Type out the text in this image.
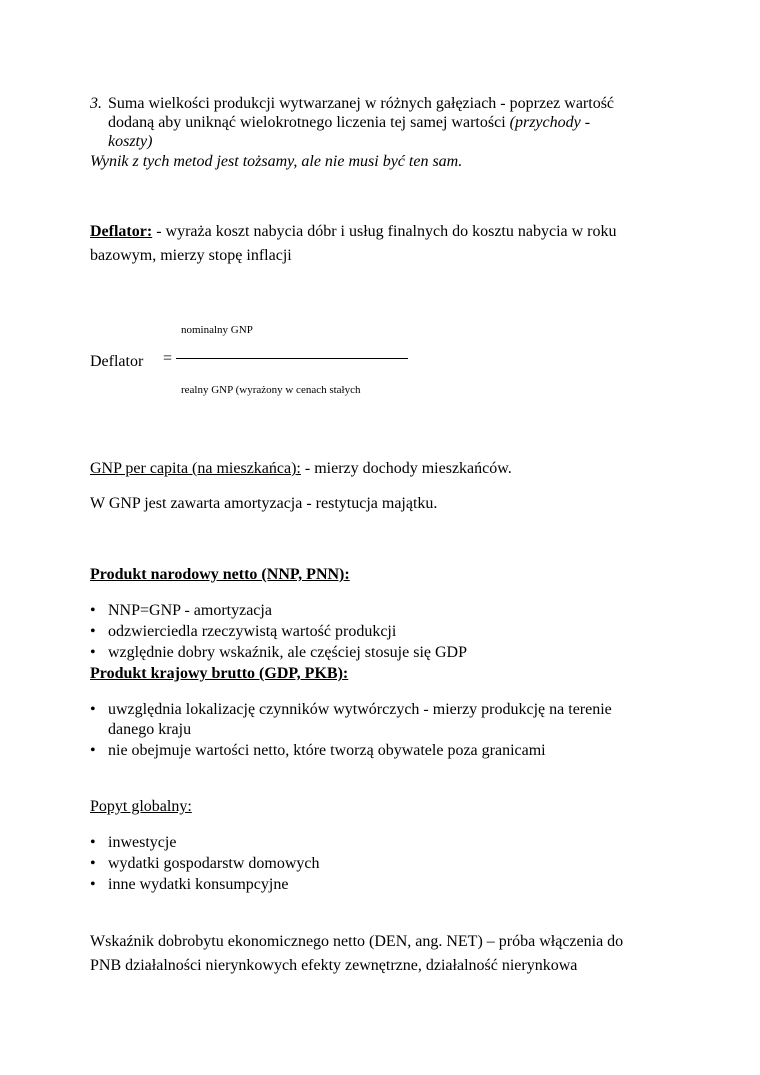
3. Suma wielkości produkcji wytwarzanej w różnych gałęziach - poprzez wartość
dodaną aby uniknąć wielokrotnego liczenia tej samej wartości (przychody -
koszty)
Wynik z tych metod jest tożsamy, ale nie musi być ten sam.
Deflator: - wyraża koszt nabycia dóbr i usług finalnych do kosztu nabycia w roku
bazowym, mierzy stopę inflacji
nominalny GNP
Deflator =
realny GNP (wyrażony w cenach stałych
GNP per capita (na mieszkańca): - mierzy dochody mieszkańców.
W GNP jest zawarta amortyzacja - restytucja majątku.
Produkt narodowy netto (NNP, PNN):
• NNP=GNP - amortyzacja
• odzwierciedla rzeczywistą wartość produkcji
• względnie dobry wskaźnik, ale częściej stosuje się GDP
Produkt krajowy brutto (GDP, PKB):
• uwzględnia lokalizację czynników wytwórczych - mierzy produkcję na terenie
danego kraju
• nie obejmuje wartości netto, które tworzą obywatele poza granicami
Popyt globalny:
• inwestycje
• wydatki gospodarstw domowych
• inne wydatki konsumpcyjne
Wskaźnik dobrobytu ekonomicznego netto (DEN, ang. NET) – próba włączenia do
PNB działalności nierynkowych efekty zewnętrzne, działalność nierynkowa
